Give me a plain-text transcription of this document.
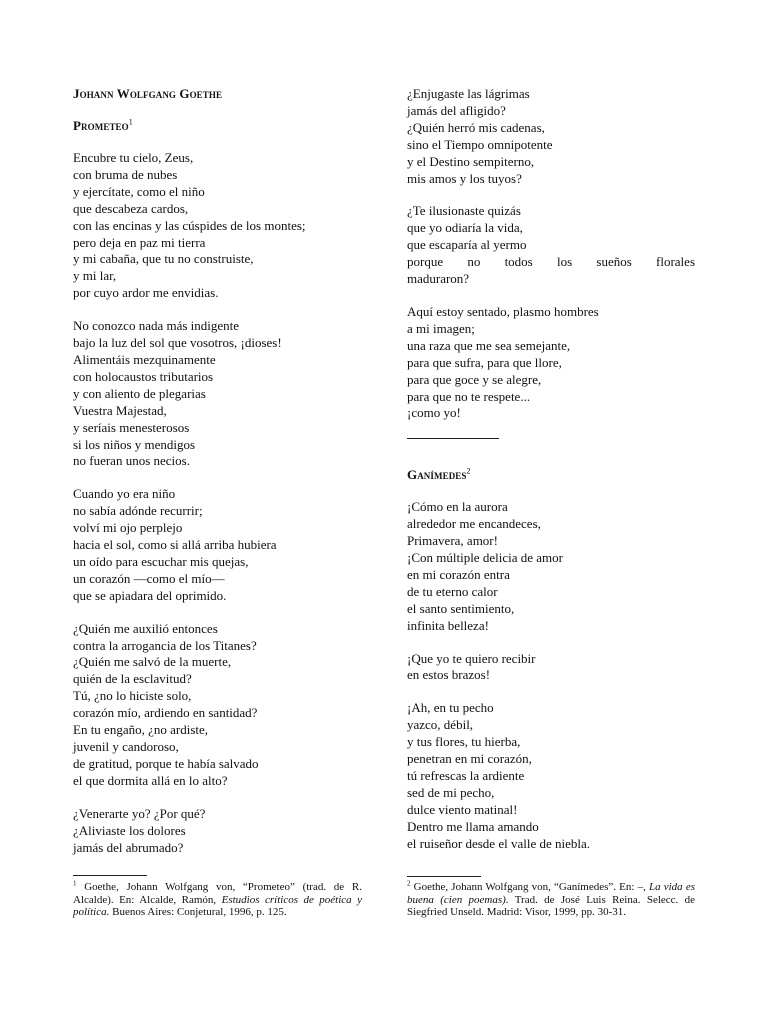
Johann Wolfgang Goethe

Prometeo$^1$

Encubre tu cielo, Zeus,

con bruma de nubes

y ejercítate, como el niño

que descabeza cardos,

con las encinas y las cúspides de los montes;

pero deja en paz mi tierra

y mi cabaña, que tu no construiste,

y mi lar,

por cuyo ardor me envidias.

No conozco nada más indigente

bajo la luz del sol que vosotros, ¡dioses!

Alimentáis mezquinamente

con holocaustos tributarios

y con aliento de plegarias

Vuestra Majestad,

y seríais menesterosos

si los niños y mendigos

no fueran unos necios.

Cuando yo era niño

no sabía adónde recurrir;

volví mi ojo perplejo

hacia el sol, como si allá arriba hubiera

un oído para escuchar mis quejas,

un corazón —como el mío—

que se apiadara del oprimido.

¿Quién me auxilió entonces

contra la arrogancia de los Titanes?

¿Quién me salvó de la muerte,

quién de la esclavitud?

Tú, ¿no lo hiciste solo,

corazón mío, ardiendo en santidad?

En tu engaño, ¿no ardiste,

juvenil y candoroso,

de gratitud, porque te había salvado

el que dormita allá en lo alto?

¿Venerarte yo? ¿Por qué?

¿Aliviaste los dolores

jamás del abrumado?

¿Enjugaste las lágrimas

jamás del afligido?

¿Quién herró mis cadenas,

sino el Tiempo omnipotente

y el Destino sempiterno,

mis amos y los tuyos?

¿Te ilusionaste quizás

que yo odiaría la vida,

que escaparía al yermo

porque no todos los sueños florales

maduraron?

Aquí estoy sentado, plasmo hombres

a mi imagen;

una raza que me sea semejante,

para que sufra, para que llore,

para que goce y se alegre,

para que no te respete...

¡como yo!

Ganímedes$^2$

¡Cómo en la aurora

alrededor me encandeces,

Primavera, amor!

¡Con múltiple delicia de amor

en mi corazón entra

de tu eterno calor

el santo sentimiento,

infinita belleza!

¡Que yo te quiero recibir

en estos brazos!

¡Ah, en tu pecho

yazco, débil,

y tus flores, tu hierba,

penetran en mi corazón,

tú refrescas la ardiente

sed de mi pecho,

dulce viento matinal!

Dentro me llama amando

el ruiseñor desde el valle de niebla.

$^1$ Goethe, Johann Wolfgang von, “Prometeo” (trad. de R. Alcalde). En: Alcalde, Ramón, Estudios críticos de poética y política. Buenos Aires: Conjetural, 1996, p. 125.
$^2$ Goethe, Johann Wolfgang von, “Ganímedes”. En: –, La vida es buena (cien poemas). Trad. de José Luis Reina. Selecc. de Siegfried Unseld. Madrid: Visor, 1999, pp. 30-31.
